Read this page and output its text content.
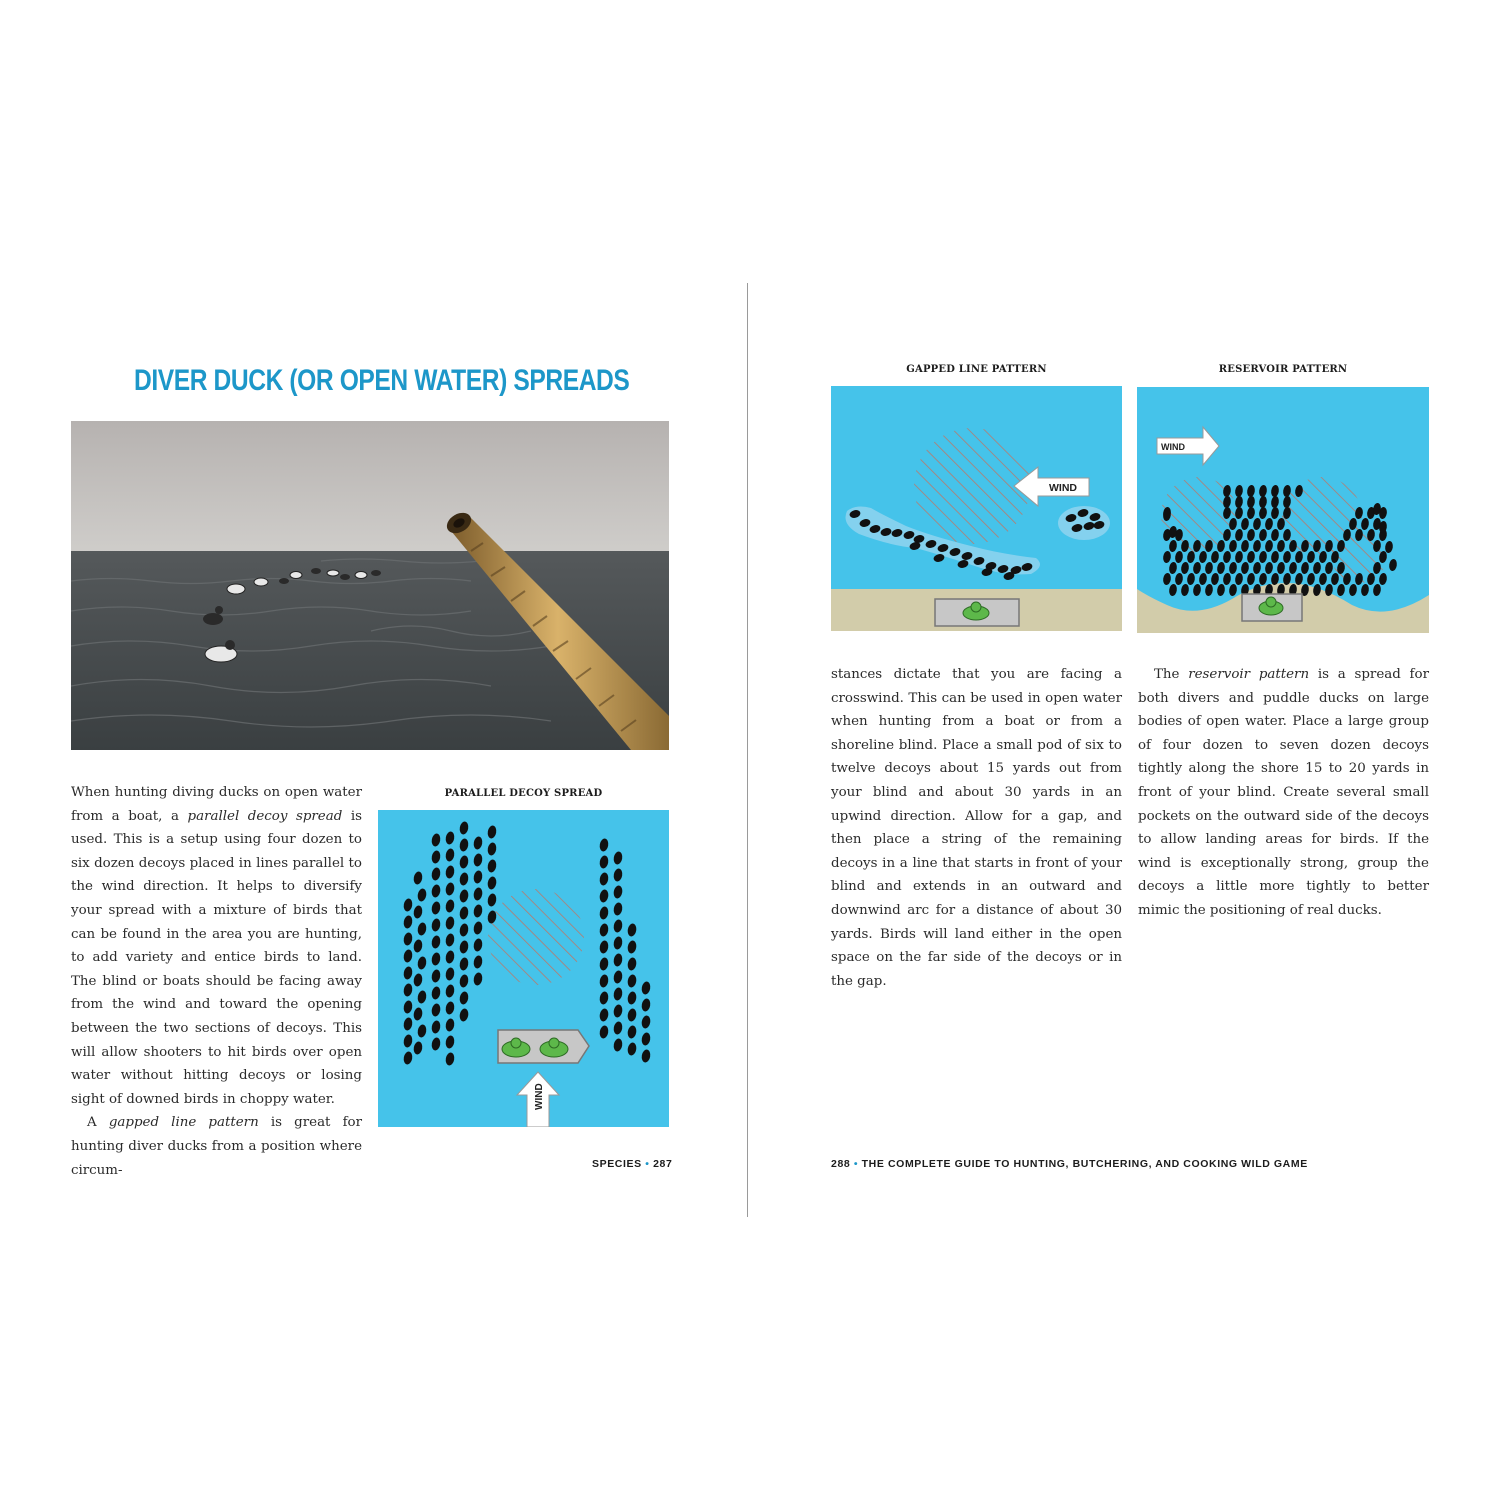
DIVER DUCK (OR OPEN WATER) SPREADS

When hunting diving ducks on open water from a boat, a parallel decoy spread is used. This is a setup using four dozen to six dozen decoys placed in lines parallel to the wind direction. It helps to diversify your spread with a mixture of birds that can be found in the area you are hunting, to add variety and entice birds to land. The blind or boats should be facing away from the wind and toward the opening between the two sections of decoys. This will allow shooters to hit birds over open water without hitting decoys or losing sight of downed birds in choppy water.

A gapped line pattern is great for hunting diver ducks from a position where circum-

PARALLEL DECOY SPREAD
WIND
SPECIES • 287
GAPPED LINE PATTERN	RESERVOIR PATTERN
WIND
WIND

stances dictate that you are facing a crosswind. This can be used in open water when hunting from a boat or from a shoreline blind. Place a small pod of six to twelve decoys about 15 yards out from your blind and about 30 yards in an upwind direction. Allow for a gap, and then place a string of the remaining decoys in a line that starts in front of your blind and extends in an outward and downwind arc for a distance of about 30 yards. Birds will land either in the open space on the far side of the decoys or in the gap.

The reservoir pattern is a spread for both divers and puddle ducks on large bodies of open water. Place a large group of four dozen to seven dozen decoys tightly along the shore 15 to 20 yards in front of your blind. Create several small pockets on the outward side of the decoys to allow landing areas for birds. If the wind is exceptionally strong, group the decoys a little more tightly to better mimic the positioning of real ducks.

288 • THE COMPLETE GUIDE TO HUNTING, BUTCHERING, AND COOKING WILD GAME
